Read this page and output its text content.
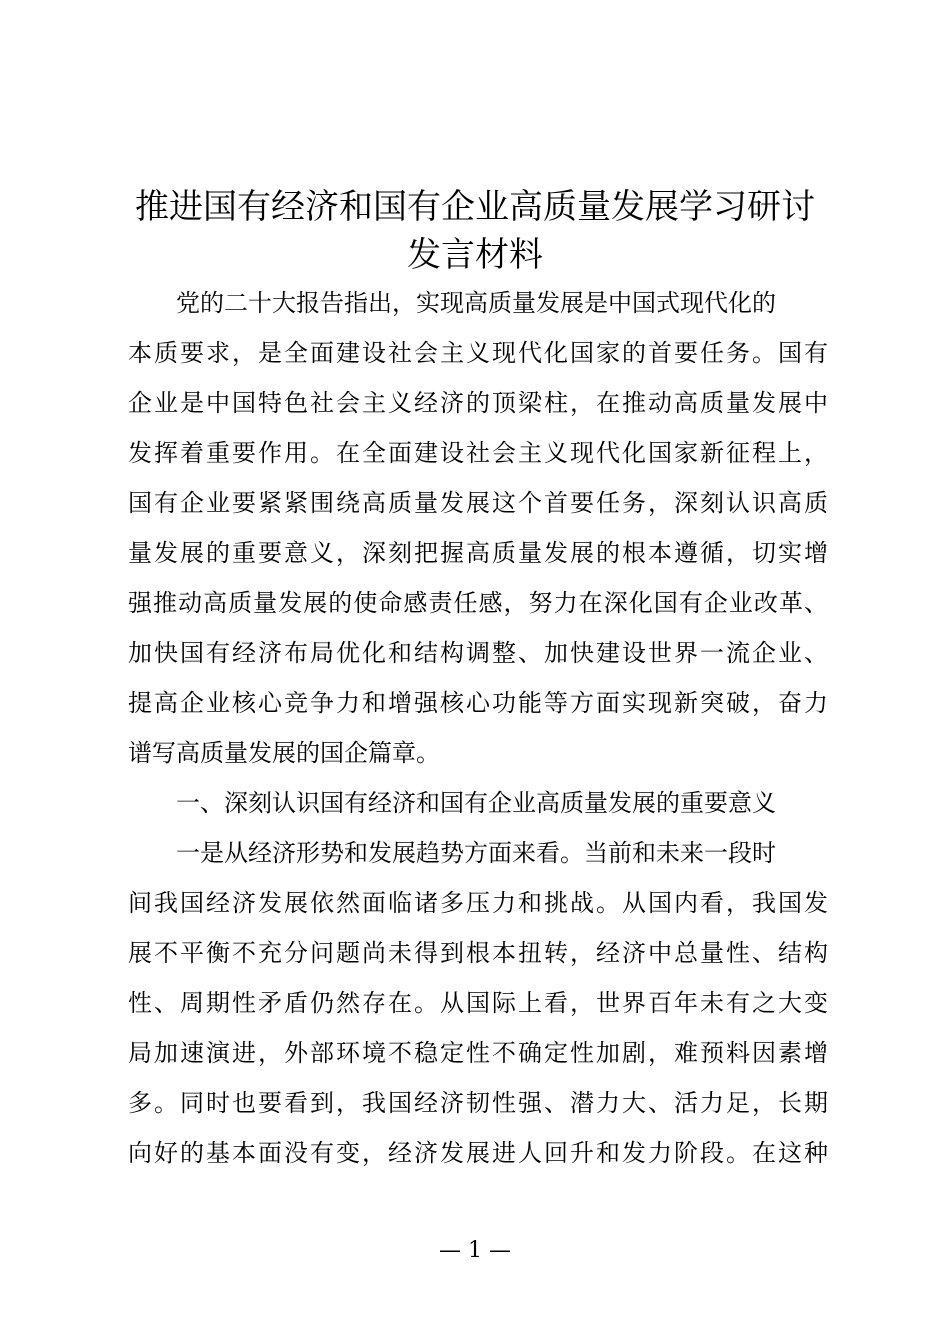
推进国有经济和国有企业高质量发展学习研讨
发言材料
党的二十大报告指出，实现高质量发展是中国式现代化的
本质要求，是全面建设社会主义现代化国家的首要任务。国有
企业是中国特色社会主义经济的顶梁柱，在推动高质量发展中
发挥着重要作用。在全面建设社会主义现代化国家新征程上，
国有企业要紧紧围绕高质量发展这个首要任务，深刻认识高质
量发展的重要意义，深刻把握高质量发展的根本遵循，切实增
强推动高质量发展的使命感责任感，努力在深化国有企业改革、
加快国有经济布局优化和结构调整、加快建设世界一流企业、
提高企业核心竞争力和增强核心功能等方面实现新突破，奋力
谱写高质量发展的国企篇章。
一、深刻认识国有经济和国有企业高质量发展的重要意义
一是从经济形势和发展趋势方面来看。当前和未来一段时
间我国经济发展依然面临诸多压力和挑战。从国内看，我国发
展不平衡不充分问题尚未得到根本扭转，经济中总量性、结构
性、周期性矛盾仍然存在。从国际上看，世界百年未有之大变
局加速演进，外部环境不稳定性不确定性加剧，难预料因素增
多。同时也要看到，我国经济韧性强、潜力大、活力足，长期
向好的基本面没有变，经济发展进人回升和发力阶段。在这种
— 1 —
